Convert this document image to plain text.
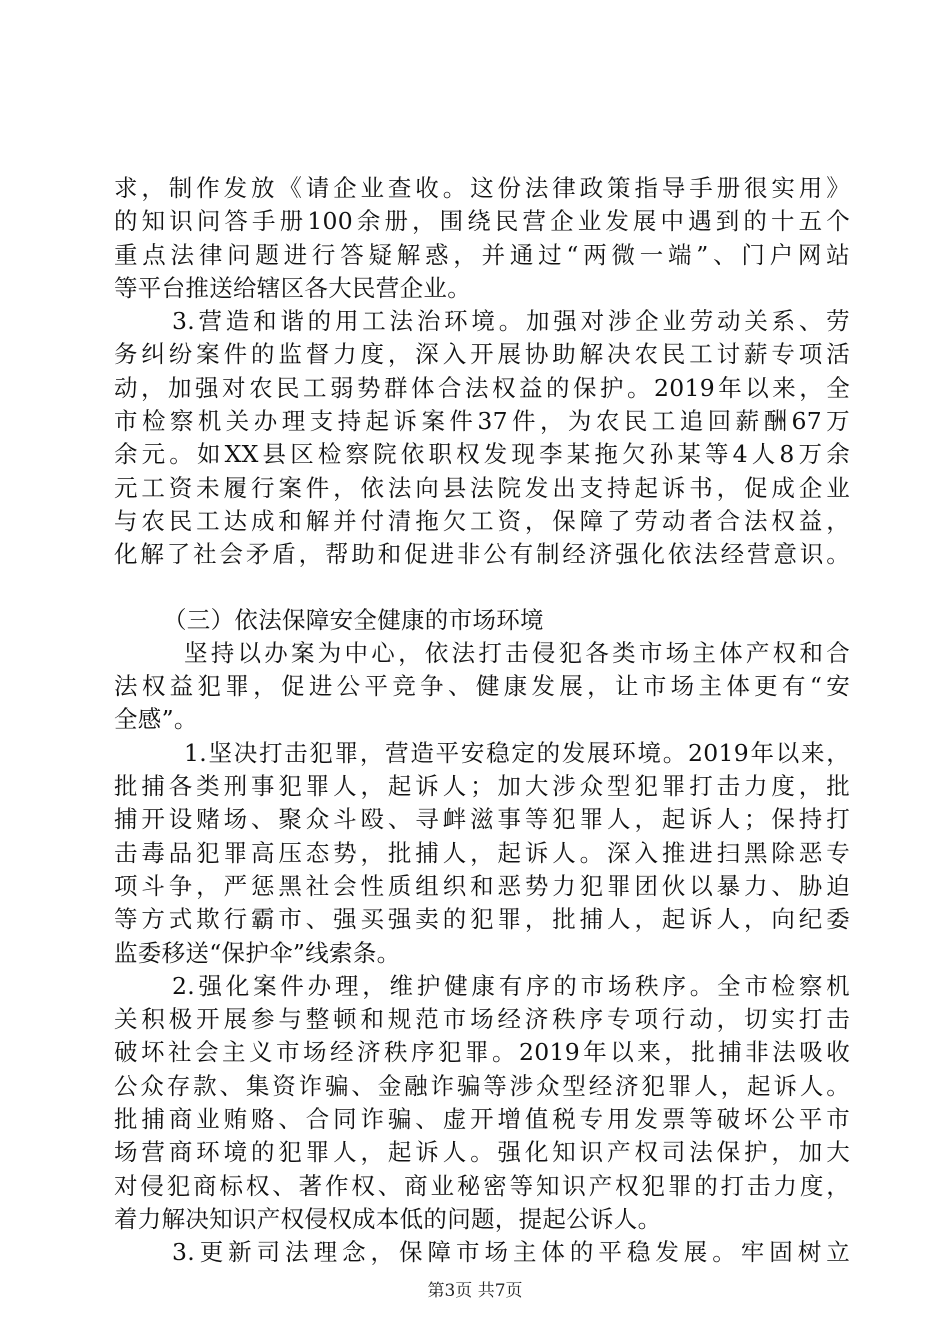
求，制作发放《请企业查收。这份法律政策指导手册很实用》
的知识问答手册100余册，围绕民营企业发展中遇到的十五个
重点法律问题进行答疑解惑，并通过“两微一端”、门户网站
等平台推送给辖区各大民营企业。
3.营造和谐的用工法治环境。加强对涉企业劳动关系、劳
务纠纷案件的监督力度，深入开展协助解决农民工讨薪专项活
动，加强对农民工弱势群体合法权益的保护。2019年以来，全
市检察机关办理支持起诉案件37件，为农民工追回薪酬67万
余元。如XX县区检察院依职权发现李某拖欠孙某等4人8万余
元工资未履行案件，依法向县法院发出支持起诉书，促成企业
与农民工达成和解并付清拖欠工资，保障了劳动者合法权益，
化解了社会矛盾，帮助和促进非公有制经济强化依法经营意识。
（三）依法保障安全健康的市场环境
坚持以办案为中心，依法打击侵犯各类市场主体产权和合
法权益犯罪，促进公平竞争、健康发展，让市场主体更有“安
全感”。
1.坚决打击犯罪，营造平安稳定的发展环境。2019年以来，
批捕各类刑事犯罪人，起诉人；加大涉众型犯罪打击力度，批
捕开设赌场、聚众斗殴、寻衅滋事等犯罪人，起诉人；保持打
击毒品犯罪高压态势，批捕人，起诉人。深入推进扫黑除恶专
项斗争，严惩黑社会性质组织和恶势力犯罪团伙以暴力、胁迫
等方式欺行霸市、强买强卖的犯罪，批捕人，起诉人，向纪委
监委移送“保护伞”线索条。
2.强化案件办理，维护健康有序的市场秩序。全市检察机
关积极开展参与整顿和规范市场经济秩序专项行动，切实打击
破坏社会主义市场经济秩序犯罪。2019年以来，批捕非法吸收
公众存款、集资诈骗、金融诈骗等涉众型经济犯罪人，起诉人。
批捕商业贿赂、合同诈骗、虚开增值税专用发票等破坏公平市
场营商环境的犯罪人，起诉人。强化知识产权司法保护，加大
对侵犯商标权、著作权、商业秘密等知识产权犯罪的打击力度，
着力解决知识产权侵权成本低的问题，提起公诉人。
3.更新司法理念，保障市场主体的平稳发展。牢固树立
第3页 共7页
